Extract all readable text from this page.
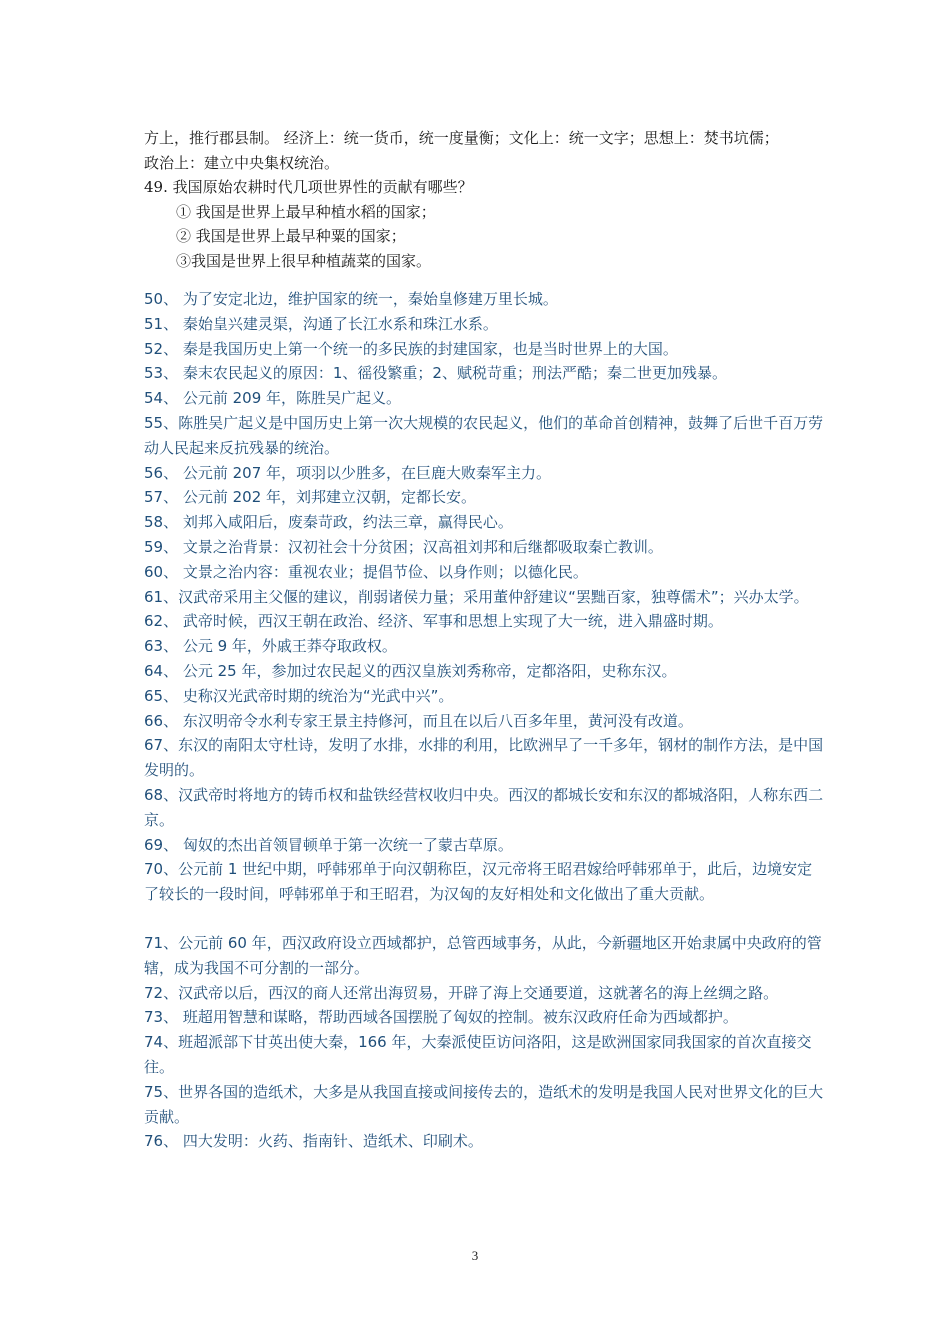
方上，推行郡县制。 经济上：统一货币，统一度量衡；文化上：统一文字；思想上：焚书坑儒；

政治上：建立中央集权统治。

49. 我国原始农耕时代几项世界性的贡献有哪些？

① 我国是世界上最早种植水稻的国家；

② 我国是世界上最早种粟的国家；

③我国是世界上很早种植蔬菜的国家。

50、 为了安定北边，维护国家的统一，秦始皇修建万里长城。

51、 秦始皇兴建灵渠，沟通了长江水系和珠江水系。

52、 秦是我国历史上第一个统一的多民族的封建国家，也是当时世界上的大国。

53、 秦末农民起义的原因：1、徭役繁重；2、赋税苛重；刑法严酷；秦二世更加残暴。

54、 公元前 209 年，陈胜吴广起义。

55、陈胜吴广起义是中国历史上第一次大规模的农民起义，他们的革命首创精神，鼓舞了后世千百万劳动人民起来反抗残暴的统治。

56、 公元前 207 年，项羽以少胜多，在巨鹿大败秦军主力。

57、 公元前 202 年，刘邦建立汉朝，定都长安。

58、 刘邦入咸阳后，废秦苛政，约法三章，赢得民心。

59、 文景之治背景：汉初社会十分贫困；汉高祖刘邦和后继都吸取秦亡教训。

60、 文景之治内容：重视农业；提倡节俭、以身作则；以德化民。

61、汉武帝采用主父偃的建议，削弱诸侯力量；采用董仲舒建议“罢黜百家，独尊儒术”；兴办太学。

62、 武帝时候，西汉王朝在政治、经济、军事和思想上实现了大一统，进入鼎盛时期。

63、 公元 9 年，外戚王莽夺取政权。

64、 公元 25 年，参加过农民起义的西汉皇族刘秀称帝，定都洛阳，史称东汉。

65、 史称汉光武帝时期的统治为“光武中兴”。

66、 东汉明帝令水利专家王景主持修河，而且在以后八百多年里，黄河没有改道。

67、东汉的南阳太守杜诗，发明了水排，水排的利用，比欧洲早了一千多年，钢材的制作方法，是中国发明的。

68、汉武帝时将地方的铸币权和盐铁经营权收归中央。西汉的都城长安和东汉的都城洛阳，人称东西二京。

69、 匈奴的杰出首领冒顿单于第一次统一了蒙古草原。

70、公元前 1 世纪中期，呼韩邪单于向汉朝称臣，汉元帝将王昭君嫁给呼韩邪单于，此后，边境安定了较长的一段时间，呼韩邪单于和王昭君，为汉匈的友好相处和文化做出了重大贡献。

71、公元前 60 年，西汉政府设立西域都护，总管西域事务，从此，今新疆地区开始隶属中央政府的管辖，成为我国不可分割的一部分。

72、汉武帝以后，西汉的商人还常出海贸易，开辟了海上交通要道，这就著名的海上丝绸之路。

73、 班超用智慧和谋略，帮助西域各国摆脱了匈奴的控制。被东汉政府任命为西域都护。

74、班超派部下甘英出使大秦，166 年，大秦派使臣访问洛阳，这是欧洲国家同我国家的首次直接交往。

75、世界各国的造纸术，大多是从我国直接或间接传去的，造纸术的发明是我国人民对世界文化的巨大贡献。

76、 四大发明：火药、指南针、造纸术、印刷术。

3
